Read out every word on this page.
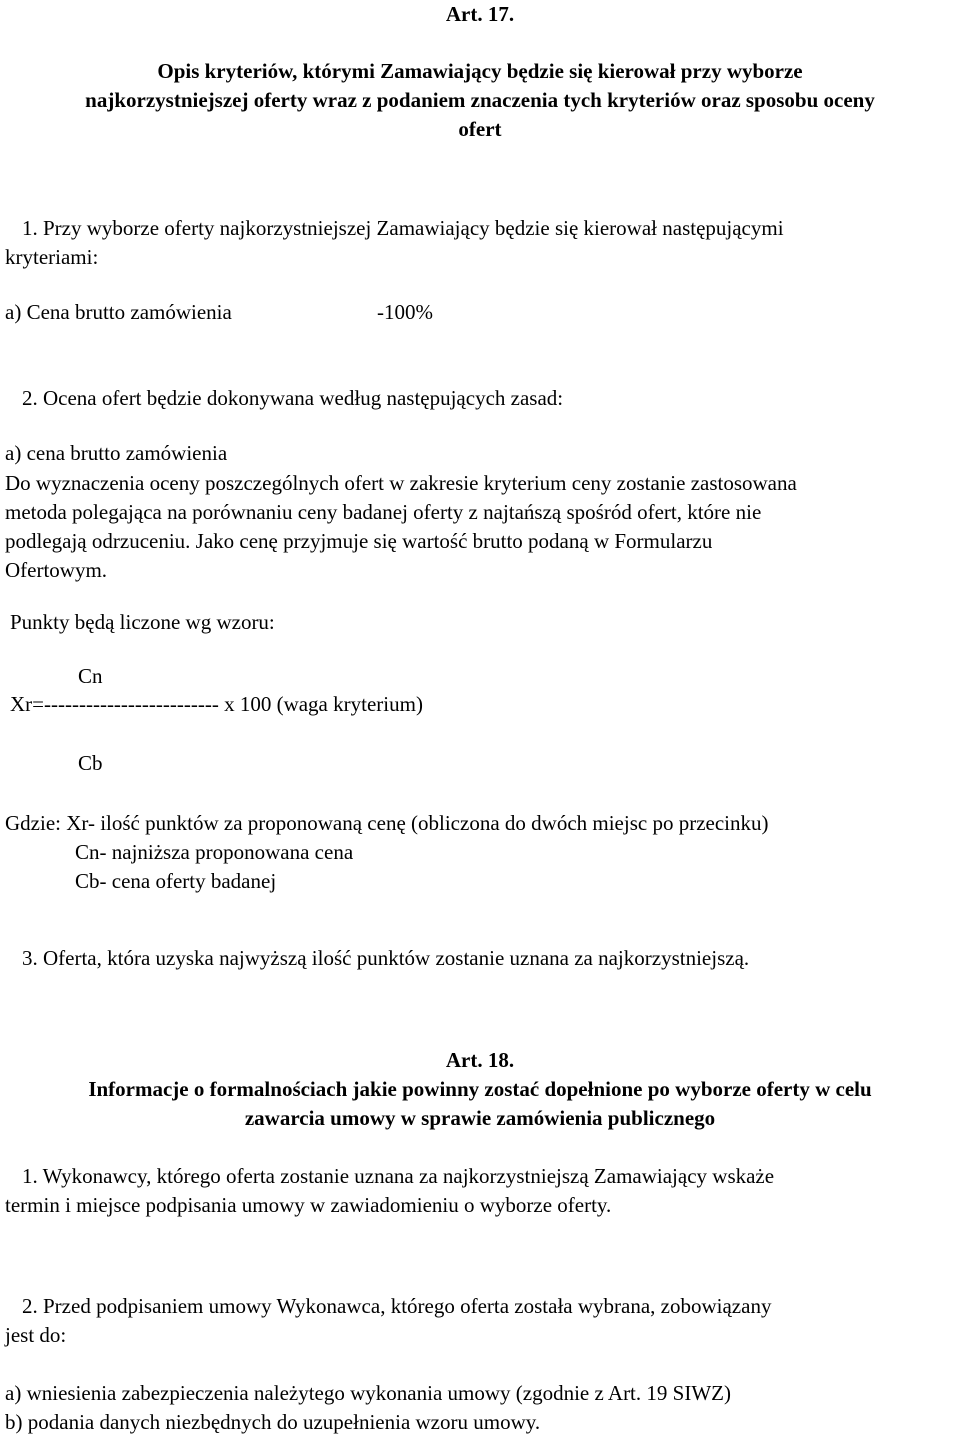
Art. 17.
Opis kryteriów, którymi Zamawiający będzie się kierował przy wyborze
najkorzystniejszej oferty wraz z podaniem znaczenia tych kryteriów oraz sposobu oceny
ofert
1. Przy wyborze oferty najkorzystniejszej Zamawiający będzie się kierował następującymi
kryteriami:
a) Cena brutto zamówienia	-100%
2. Ocena ofert będzie dokonywana według następujących zasad:
a) cena brutto zamówienia
Do wyznaczenia oceny poszczególnych ofert w zakresie kryterium ceny zostanie zastosowana
metoda polegająca na porównaniu ceny badanej oferty z najtańszą spośród ofert, które nie
podlegają odrzuceniu. Jako cenę przyjmuje się wartość brutto podaną w Formularzu
Ofertowym.
Punkty będą liczone wg wzoru:
Cn
Xr=------------------------- x 100 (waga kryterium)
Cb
Gdzie: Xr- ilość punktów za proponowaną cenę (obliczona do dwóch miejsc po przecinku)
Cn- najniższa proponowana cena
Cb- cena oferty badanej
3. Oferta, która uzyska najwyższą ilość punktów zostanie uznana za najkorzystniejszą.
Art. 18.
Informacje o formalnościach jakie powinny zostać dopełnione po wyborze oferty w celu
zawarcia umowy w sprawie zamówienia publicznego
1. Wykonawcy, którego oferta zostanie uznana za najkorzystniejszą Zamawiający wskaże
termin i miejsce podpisania umowy w zawiadomieniu o wyborze oferty.
2. Przed podpisaniem umowy Wykonawca, którego oferta została wybrana, zobowiązany
jest do:
a) wniesienia zabezpieczenia należytego wykonania umowy (zgodnie z Art. 19 SIWZ)
b) podania danych niezbędnych do uzupełnienia wzoru umowy.
